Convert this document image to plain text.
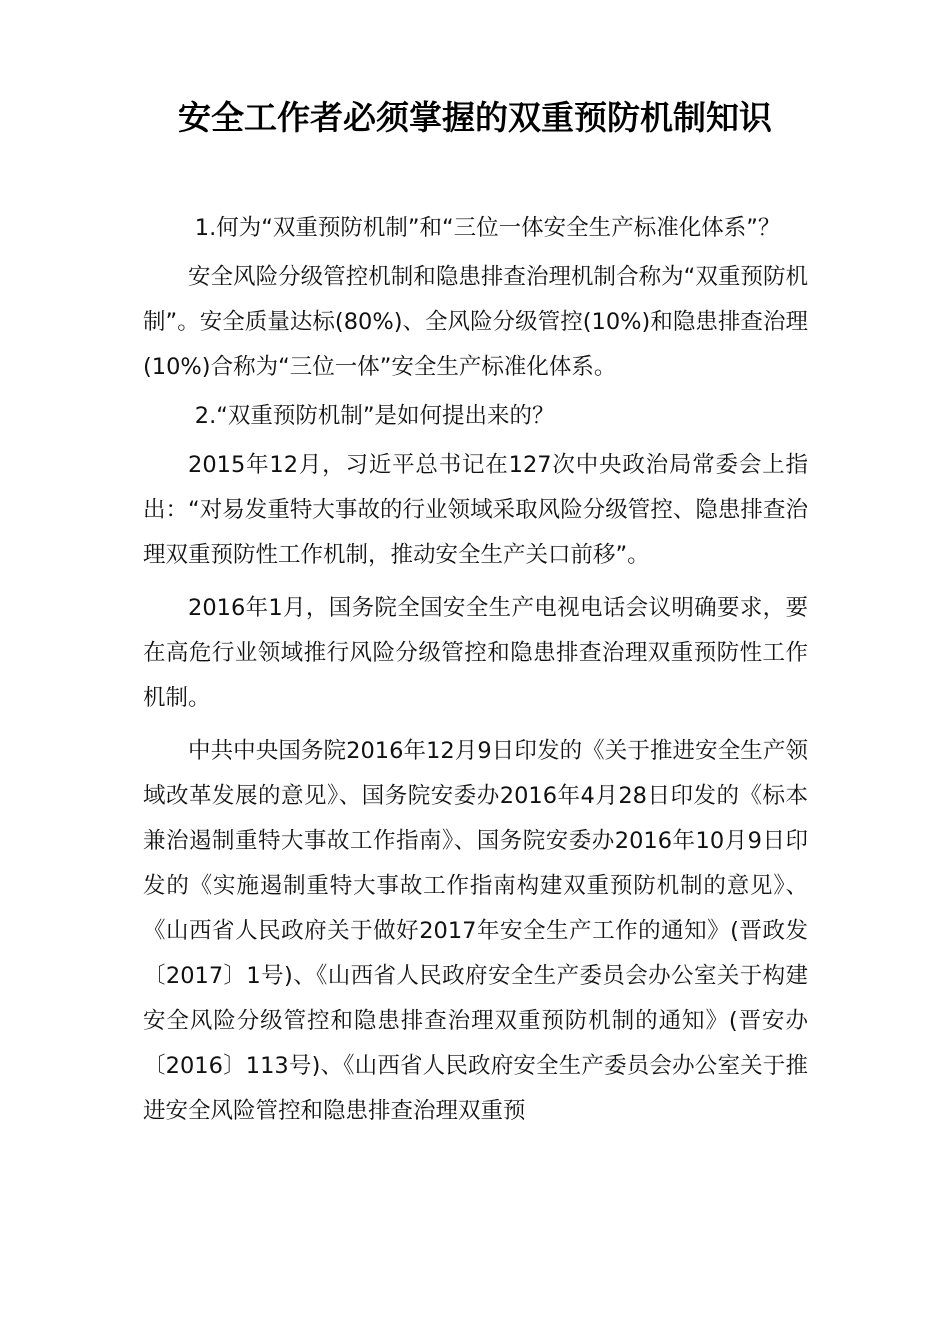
安全工作者必须掌握的双重预防机制知识

1.何为“双重预防机制”和“三位一体安全生产标准化体系”？

安全风险分级管控机制和隐患排查治理机制合称为“双重预防机制”。安全质量达标(80%)、全风险分级管控(10%)和隐患排查治理(10%)合称为“三位一体”安全生产标准化体系。

2.“双重预防机制”是如何提出来的？

2015年12月，习近平总书记在127次中央政治局常委会上指出：“对易发重特大事故的行业领域采取风险分级管控、隐患排查治理双重预防性工作机制，推动安全生产关口前移”。

2016年1月，国务院全国安全生产电视电话会议明确要求，要在高危行业领域推行风险分级管控和隐患排查治理双重预防性工作机制。

中共中央国务院2016年12月9日印发的《关于推进安全生产领域改革发展的意见》、国务院安委办2016年4月28日印发的《标本兼治遏制重特大事故工作指南》、国务院安委办2016年10月9日印发的《实施遏制重特大事故工作指南构建双重预防机制的意见》、《山西省人民政府关于做好2017年安全生产工作的通知》(晋政发〔2017〕1号)、《山西省人民政府安全生产委员会办公室关于构建安全风险分级管控和隐患排查治理双重预防机制的通知》(晋安办〔2016〕113号)、《山西省人民政府安全生产委员会办公室关于推进安全风险管控和隐患排查治理双重预
